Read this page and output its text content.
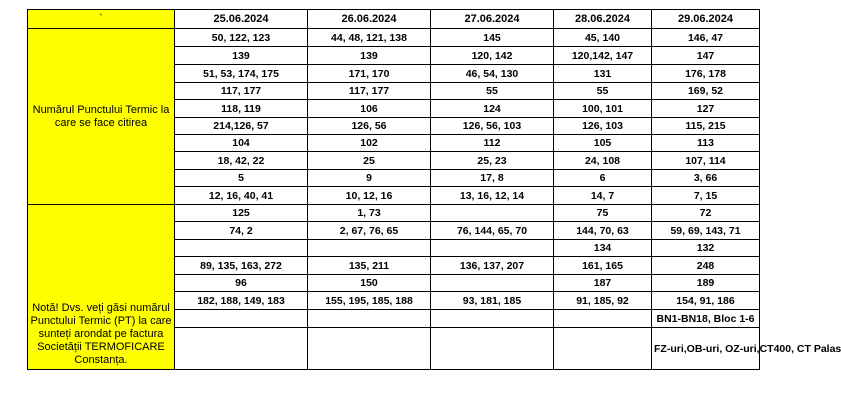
`	25.06.2024	26.06.2024	27.06.2024	28.06.2024	29.06.2024
Numărul Punctului Termic la care se face citirea	50, 122, 123	44, 48, 121, 138	145	45, 140	146, 47
	139	139	120, 142	120,142, 147	147
	51, 53, 174, 175	171, 170	46, 54, 130	131	176, 178
	117, 177	117, 177	55	55	169, 52
	118, 119	106	124	100, 101	127
	214,126, 57	126, 56	126, 56, 103	126, 103	115, 215
	104	102	112	105	113
	18, 42, 22	25	25, 23	24, 108	107, 114
	5	9	17, 8	6	3, 66
	12, 16, 40, 41	10, 12, 16	13, 16, 12, 14	14, 7	7, 15
Notă! Dvs. veți găsi numărul Punctului Termic (PT) la care sunteți arondat pe factura Societății TERMOFICARE Constanța.	125	1, 73		75	72
	74, 2	2, 67, 76, 65	76, 144, 65, 70	144, 70, 63	59, 69, 143, 71
				134	132
	89, 135, 163, 272	135, 211	136, 137, 207	161, 165	248
	96	150		187	189
	182, 188, 149, 183	155, 195, 185, 188	93, 181, 185	91, 185, 92	154, 91, 186
					BN1-BN18, Bloc 1-6
					FZ-uri,OB-uri, OZ-uri,CT400, CT Palas
